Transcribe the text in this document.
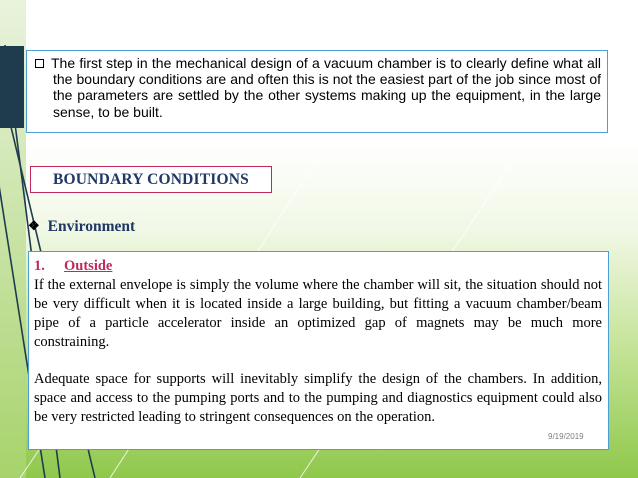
The first step in the mechanical design of a vacuum chamber is to clearly define what all the boundary conditions are and often this is not the easiest part of the job since most of the parameters are settled by the other systems making up the equipment, in the large sense, to be built.
BOUNDARY CONDITIONS
❖ Environment
1. Outside

If the external envelope is simply the volume where the chamber will sit, the situation should not be very difficult when it is located inside a large building, but fitting a vacuum chamber/beam pipe of a particle accelerator inside an optimized gap of magnets may be much more constraining.

Adequate space for supports will inevitably simplify the design of the chambers. In addition, space and access to the pumping ports and to the pumping and diagnostics equipment could also be very restricted leading to stringent consequences on the operation.

9/19/2019
